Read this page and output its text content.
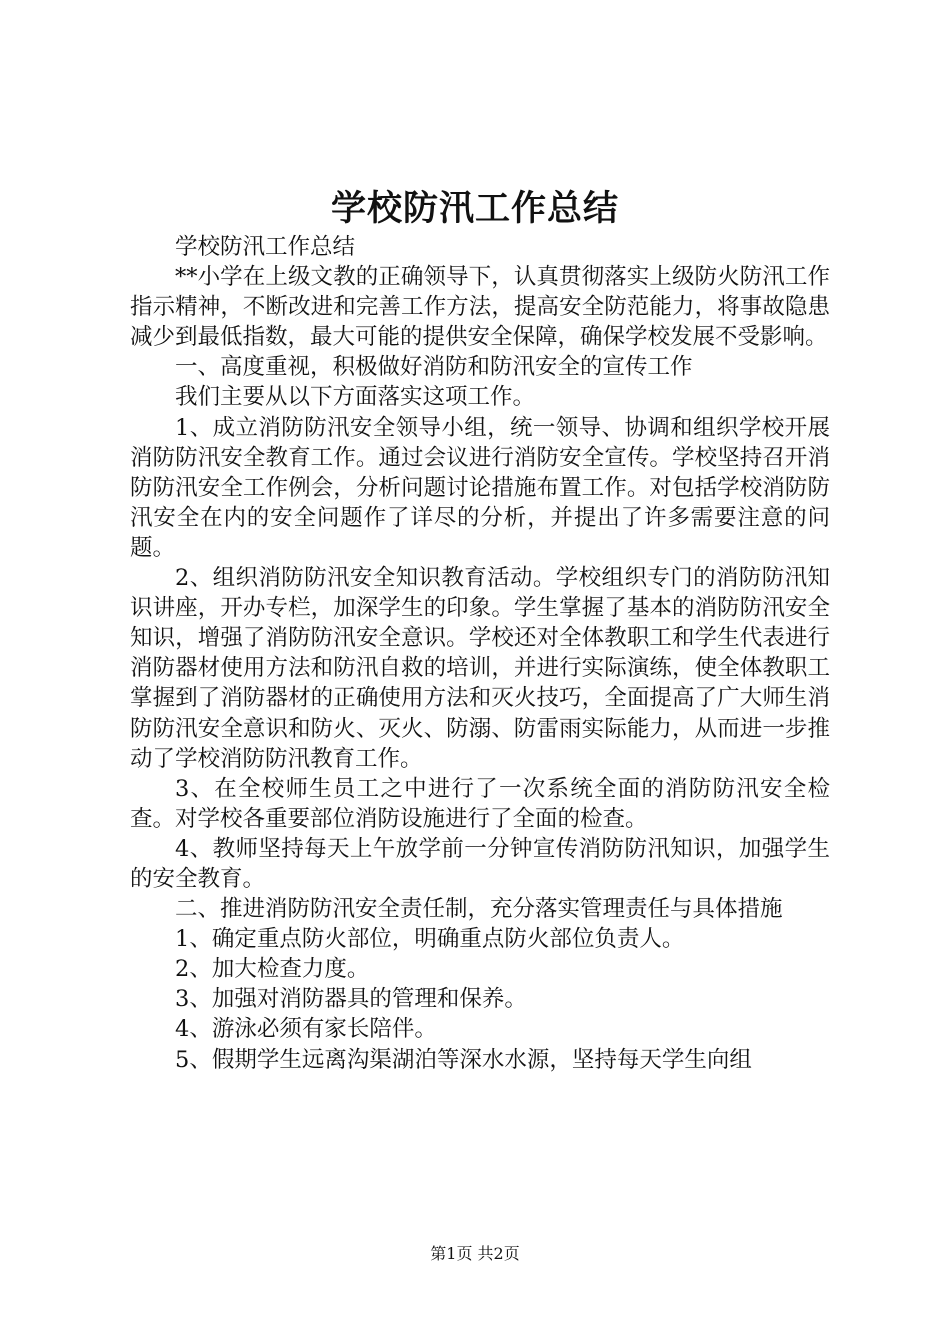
学校防汛工作总结

学校防汛工作总结

**小学在上级文教的正确领导下，认真贯彻落实上级防火防汛工作指示精神，不断改进和完善工作方法，提高安全防范能力，将事故隐患减少到最低指数，最大可能的提供安全保障，确保学校发展不受影响。

一、高度重视，积极做好消防和防汛安全的宣传工作

我们主要从以下方面落实这项工作。

1、成立消防防汛安全领导小组，统一领导、协调和组织学校开展消防防汛安全教育工作。通过会议进行消防安全宣传。学校坚持召开消防防汛安全工作例会，分析问题讨论措施布置工作。对包括学校消防防汛安全在内的安全问题作了详尽的分析，并提出了许多需要注意的问题。

2、组织消防防汛安全知识教育活动。学校组织专门的消防防汛知识讲座，开办专栏，加深学生的印象。学生掌握了基本的消防防汛安全知识，增强了消防防汛安全意识。学校还对全体教职工和学生代表进行消防器材使用方法和防汛自救的培训，并进行实际演练，使全体教职工掌握到了消防器材的正确使用方法和灭火技巧，全面提高了广大师生消防防汛安全意识和防火、灭火、防溺、防雷雨实际能力，从而进一步推动了学校消防防汛教育工作。

3、在全校师生员工之中进行了一次系统全面的消防防汛安全检查。对学校各重要部位消防设施进行了全面的检查。

4、教师坚持每天上午放学前一分钟宣传消防防汛知识，加强学生的安全教育。

二、推进消防防汛安全责任制，充分落实管理责任与具体措施

1、确定重点防火部位，明确重点防火部位负责人。

2、加大检查力度。

3、加强对消防器具的管理和保养。

4、游泳必须有家长陪伴。

5、假期学生远离沟渠湖泊等深水水源，坚持每天学生向组

第1页 共2页
